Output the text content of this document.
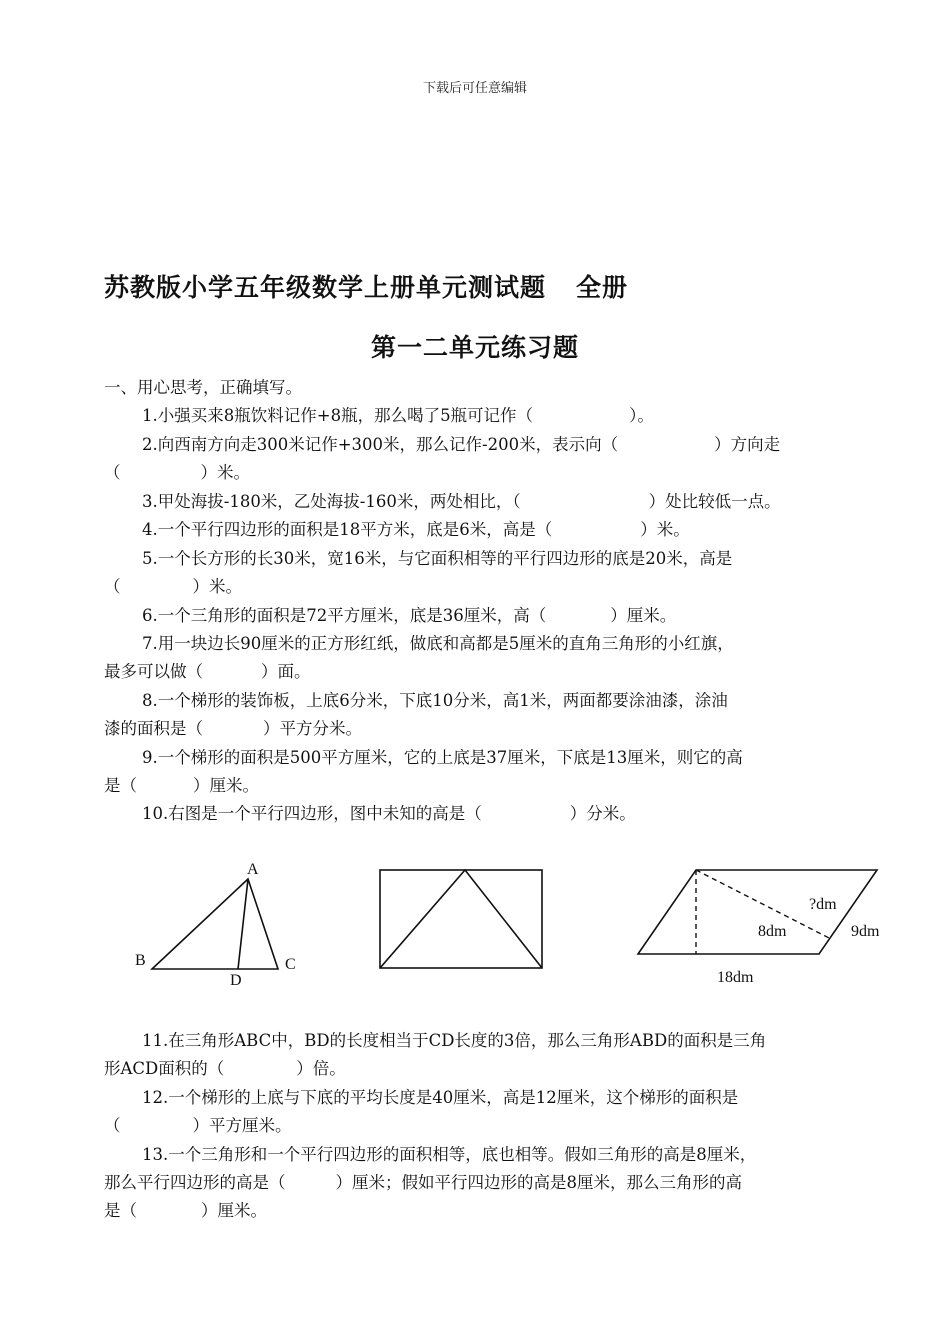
下载后可任意编辑
苏教版小学五年级数学上册单元测试题 全册
第一二单元练习题
一、用心思考，正确填写。
1.小强买来8瓶饮料记作+8瓶，那么喝了5瓶可记作（	）。
2.向西南方向走300米记作+300米，那么记作-200米，表示向（	）方向走
（	）米。
3.甲处海拔-180米，乙处海拔-160米，两处相比，（	）处比较低一点。
4.一个平行四边形的面积是18平方米，底是6米，高是（	）米。
5.一个长方形的长30米，宽16米，与它面积相等的平行四边形的底是20米，高是
（	）米。
6.一个三角形的面积是72平方厘米，底是36厘米，高（	）厘米。
7.用一块边长90厘米的正方形红纸，做底和高都是5厘米的直角三角形的小红旗，
最多可以做（	）面。
8.一个梯形的装饰板，上底6分米，下底10分米，高1米，两面都要涂油漆，涂油
漆的面积是（	）平方分米。
9.一个梯形的面积是500平方厘米，它的上底是37厘米，下底是13厘米，则它的高
是（	）厘米。
10.右图是一个平行四边形，图中未知的高是（	）分米。
A
B	C
D
?dm
8dm	9dm
18dm
11.在三角形ABC中，BD的长度相当于CD长度的3倍，那么三角形ABD的面积是三角
形ACD面积的（	）倍。
12.一个梯形的上底与下底的平均长度是40厘米，高是12厘米，这个梯形的面积是
（	）平方厘米。
13.一个三角形和一个平行四边形的面积相等，底也相等。假如三角形的高是8厘米，
那么平行四边形的高是（	）厘米；假如平行四边形的高是8厘米，那么三角形的高
是（	）厘米。
